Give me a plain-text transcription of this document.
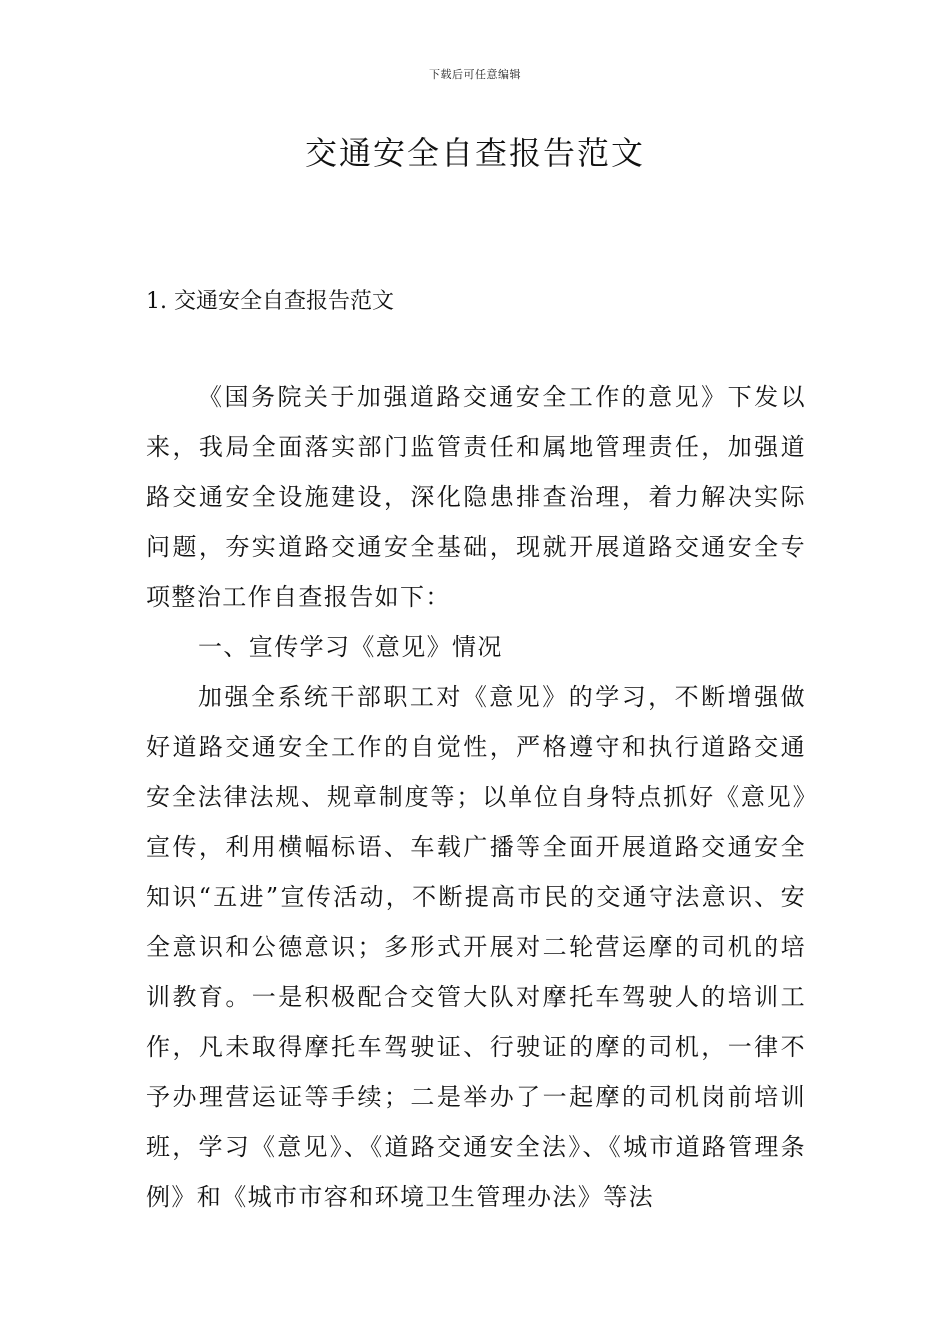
下载后可任意编辑
交通安全自查报告范文
1. 交通安全自查报告范文

《国务院关于加强道路交通安全工作的意见》下发以来，我局全面落实部门监管责任和属地管理责任，加强道路交通安全设施建设，深化隐患排查治理，着力解决实际问题，夯实道路交通安全基础，现就开展道路交通安全专项整治工作自查报告如下：

一、宣传学习《意见》情况

加强全系统干部职工对《意见》的学习，不断增强做好道路交通安全工作的自觉性，严格遵守和执行道路交通安全法律法规、规章制度等；以单位自身特点抓好《意见》宣传，利用横幅标语、车载广播等全面开展道路交通安全知识“五进”宣传活动，不断提高市民的交通守法意识、安全意识和公德意识；多形式开展对二轮营运摩的司机的培训教育。一是积极配合交管大队对摩托车驾驶人的培训工作，凡未取得摩托车驾驶证、行驶证的摩的司机，一律不予办理营运证等手续；二是举办了一起摩的司机岗前培训班，学习《意见》、《道路交通安全法》、《城市道路管理条例》和《城市市容和环境卫生管理办法》等法
